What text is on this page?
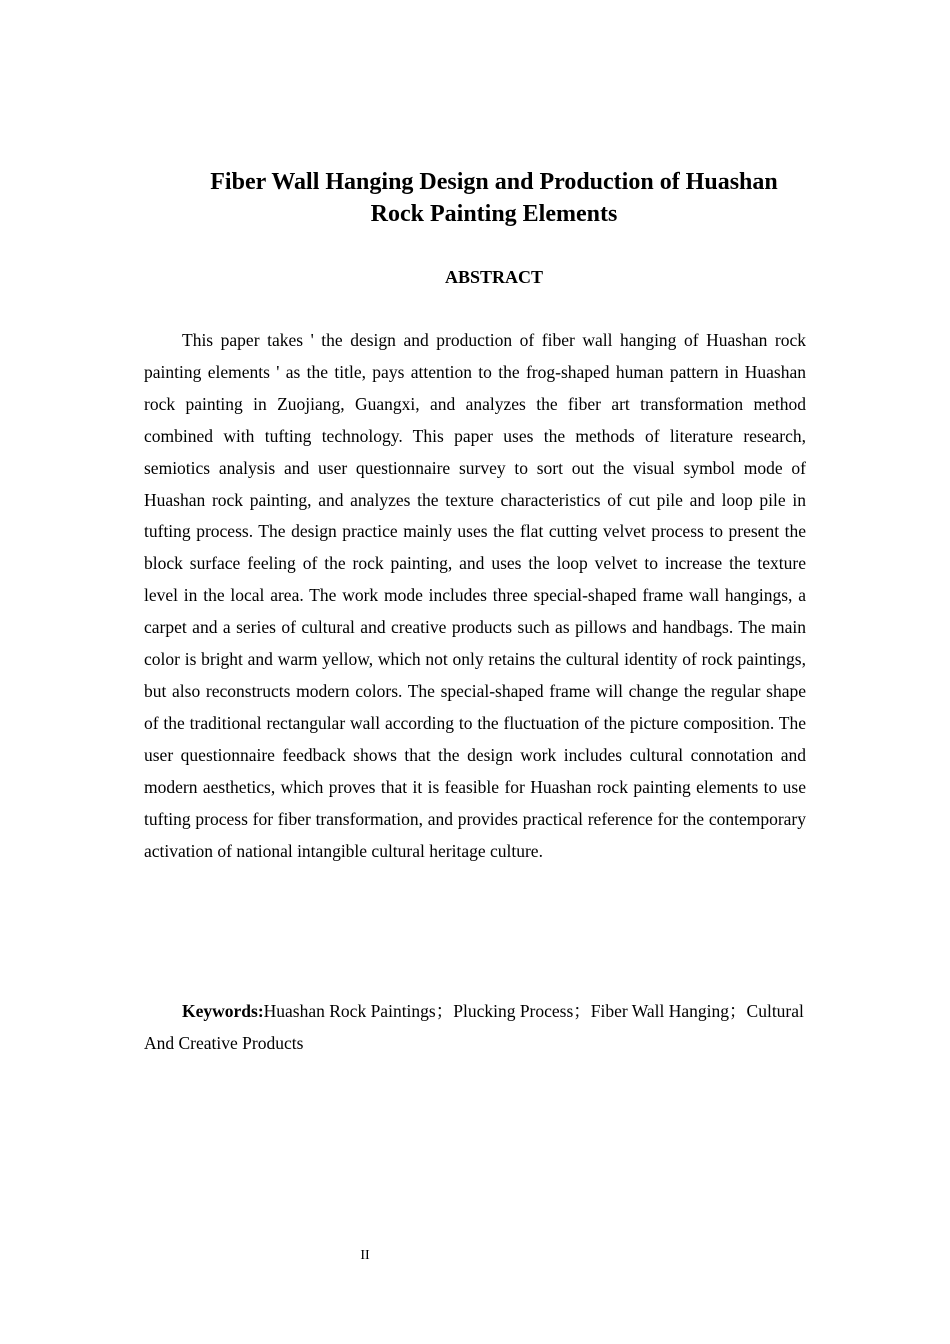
Fiber Wall Hanging Design and Production of Huashan
Rock Painting Elements
ABSTRACT

This paper takes ' the design and production of fiber wall hanging of Huashan rock painting elements ' as the title, pays attention to the frog-shaped human pattern in Huashan rock painting in Zuojiang, Guangxi, and analyzes the fiber art transformation method combined with tufting technology. This paper uses the methods of literature research, semiotics analysis and user questionnaire survey to sort out the visual symbol mode of Huashan rock painting, and analyzes the texture characteristics of cut pile and loop pile in tufting process. The design practice mainly uses the flat cutting velvet process to present the block surface feeling of the rock painting, and uses the loop velvet to increase the texture level in the local area. The work mode includes three special-shaped frame wall hangings, a carpet and a series of cultural and creative products such as pillows and handbags. The main color is bright and warm yellow, which not only retains the cultural identity of rock paintings, but also reconstructs modern colors. The special-shaped frame will change the regular shape of the traditional rectangular wall according to the fluctuation of the picture composition. The user questionnaire feedback shows that the design work includes cultural connotation and modern aesthetics, which proves that it is feasible for Huashan rock painting elements to use tufting process for fiber transformation, and provides practical reference for the contemporary activation of national intangible cultural heritage culture.

Keywords:Huashan Rock Paintings；Plucking Process；Fiber Wall Hanging；Cultural And Creative Products

II
